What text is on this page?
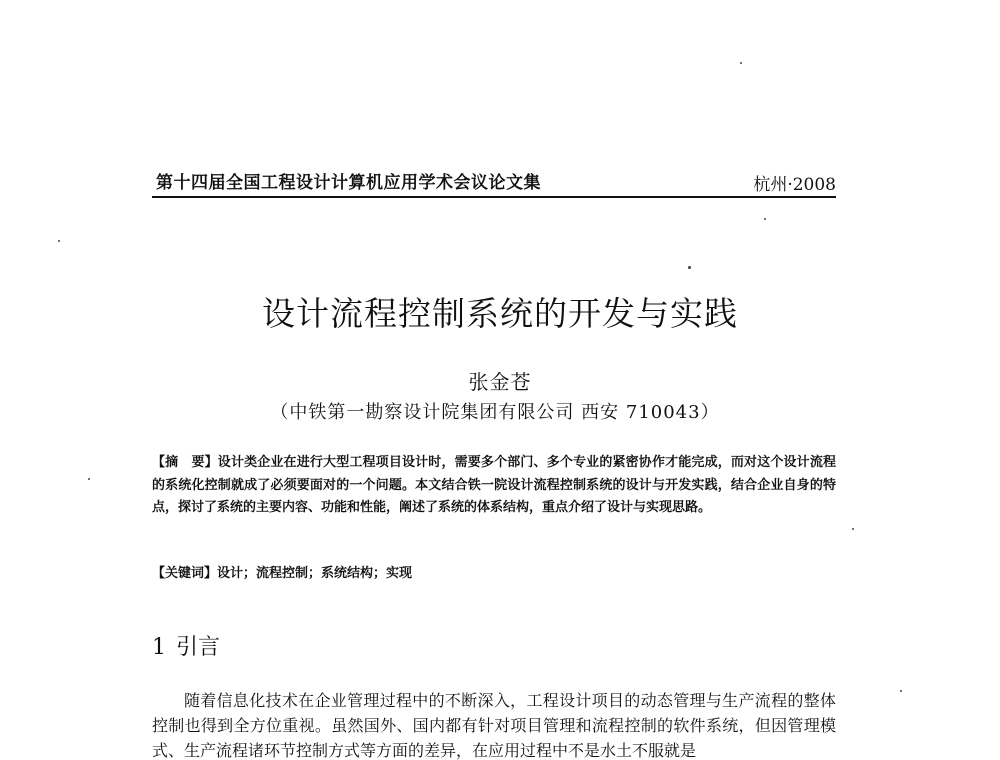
第十四届全国工程设计计算机应用学术会议论文集	杭州·2008
设计流程控制系统的开发与实践
张金苍
（中铁第一勘察设计院集团有限公司 西安 710043）
【摘　要】设计类企业在进行大型工程项目设计时，需要多个部门、多个专业的紧密协作才能完成，而对这个设计流程的系统化控制就成了必须要面对的一个问题。本文结合铁一院设计流程控制系统的设计与开发实践，结合企业自身的特点，探讨了系统的主要内容、功能和性能，阐述了系统的体系结构，重点介绍了设计与实现思路。
【关键词】设计；流程控制；系统结构；实现
1 引言
随着信息化技术在企业管理过程中的不断深入，工程设计项目的动态管理与生产流程的整体控制也得到全方位重视。虽然国外、国内都有针对项目管理和流程控制的软件系统，但因管理模式、生产流程诸环节控制方式等方面的差异，在应用过程中不是水土不服就是
